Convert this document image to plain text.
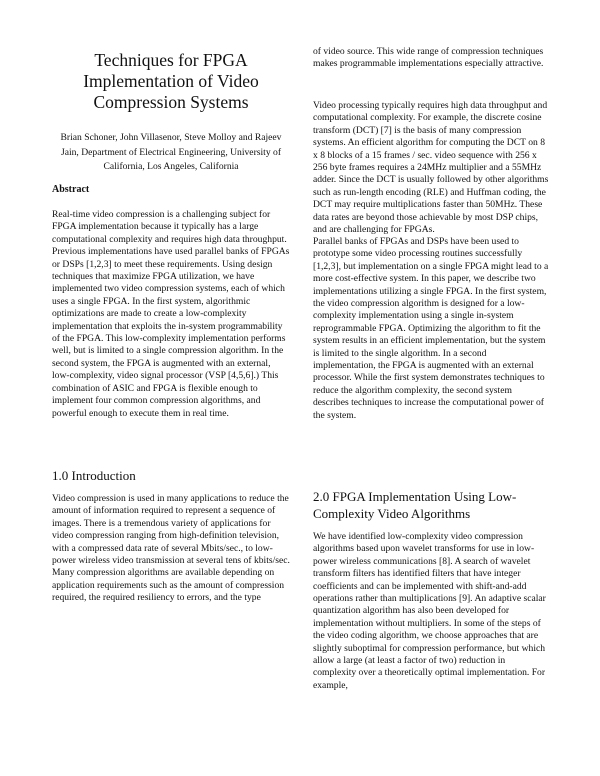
Techniques for FPGA Implementation of Video Compression Systems
Brian Schoner, John Villasenor, Steve Molloy and Rajeev Jain, Department of Electrical Engineering, University of California, Los Angeles, California
Abstract

Real-time video compression is a challenging subject for FPGA implementation because it typically has a large computational complexity and requires high data throughput. Previous implementations have used parallel banks of FPGAs or DSPs [1,2,3] to meet these requirements. Using design techniques that maximize FPGA utilization, we have implemented two video compression systems, each of which uses a single FPGA. In the first system, algorithmic optimizations are made to create a low-complexity implementation that exploits the in-system programmability of the FPGA. This low-complexity implementation performs well, but is limited to a single compression algorithm. In the second system, the FPGA is augmented with an external, low-complexity, video signal processor (VSP [4,5,6].) This combination of ASIC and FPGA is flexible enough to implement four common compression algorithms, and powerful enough to execute them in real time.

1.0 Introduction

Video compression is used in many applications to reduce the amount of information required to represent a sequence of images. There is a tremendous variety of applications for video compression ranging from high-definition television, with a compressed data rate of several Mbits/sec., to low-power wireless video transmission at several tens of kbits/sec. Many compression algorithms are available depending on application requirements such as the amount of compression required, the required resiliency to errors, and the type

of video source. This wide range of compression techniques makes programmable implementations especially attractive.

Video processing typically requires high data throughput and computational complexity. For example, the discrete cosine transform (DCT) [7] is the basis of many compression systems. An efficient algorithm for computing the DCT on 8 x 8 blocks of a 15 frames / sec. video sequence with 256 x 256 byte frames requires a 24MHz multiplier and a 55MHz adder. Since the DCT is usually followed by other algorithms such as run-length encoding (RLE) and Huffman coding, the DCT may require multiplications faster than 50MHz. These data rates are beyond those achievable by most DSP chips, and are challenging for FPGAs.

Parallel banks of FPGAs and DSPs have been used to prototype some video processing routines successfully [1,2,3], but implementation on a single FPGA might lead to a more cost-effective system. In this paper, we describe two implementations utilizing a single FPGA. In the first system, the video compression algorithm is designed for a low-complexity implementation using a single in-system reprogrammable FPGA. Optimizing the algorithm to fit the system results in an efficient implementation, but the system is limited to the single algorithm. In a second implementation, the FPGA is augmented with an external processor. While the first system demonstrates techniques to reduce the algorithm complexity, the second system describes techniques to increase the computational power of the system.

2.0 FPGA Implementation Using Low-Complexity Video Algorithms

We have identified low-complexity video compression algorithms based upon wavelet transforms for use in low-power wireless communications [8]. A search of wavelet transform filters has identified filters that have integer coefficients and can be implemented with shift-and-add operations rather than multiplications [9]. An adaptive scalar quantization algorithm has also been developed for implementation without multipliers. In some of the steps of the video coding algorithm, we choose approaches that are slightly suboptimal for compression performance, but which allow a large (at least a factor of two) reduction in complexity over a theoretically optimal implementation. For example,
